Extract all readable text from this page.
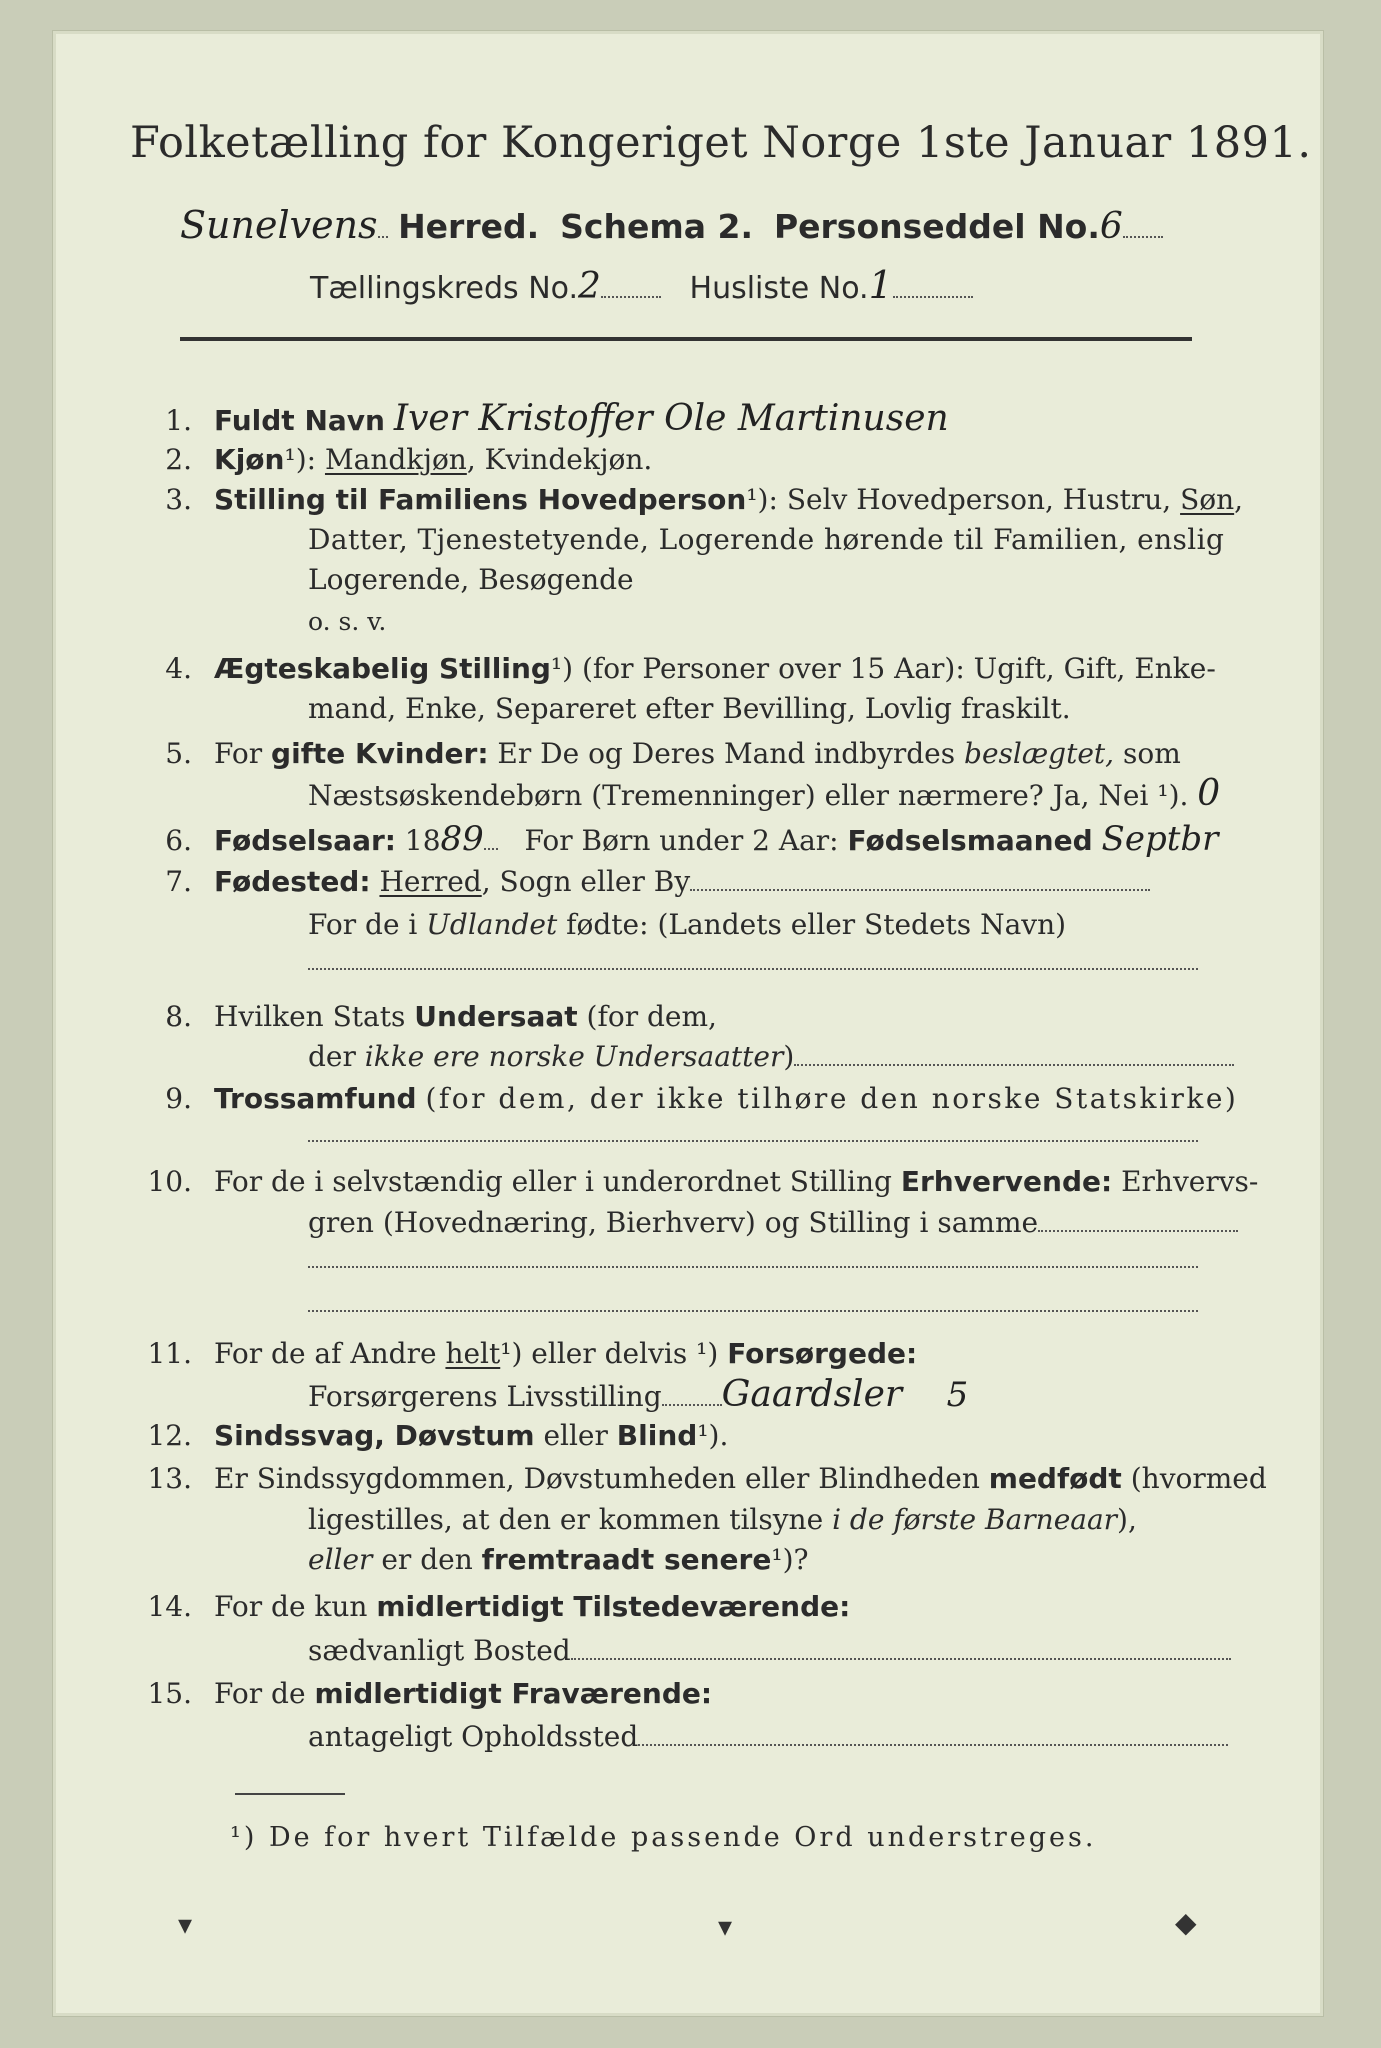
Folketælling for Kongeriget Norge 1ste Januar 1891.
Sunelvens Herred. Schema 2. Personseddel No.6
Tællingskreds No.2	Husliste No.1
1. Fuldt Navn Iver Kristoffer Ole Martinusen
2. Kjøn¹): Mandkjøn, Kvindekjøn.
3. Stilling til Familiens Hovedperson¹): Selv Hovedperson, Hustru, Søn,
Datter, Tjenestetyende, Logerende hørende til Familien, enslig
Logerende, Besøgende
o. s. v.
4. Ægteskabelig Stilling¹) (for Personer over 15 Aar): Ugift, Gift, Enke-
mand, Enke, Separeret efter Bevilling, Lovlig fraskilt.
5. For gifte Kvinder: Er De og Deres Mand indbyrdes beslægtet, som
Næstsøskendebørn (Tremenninger) eller nærmere? Ja, Nei ¹). 0
6. Fødselsaar: 1889 For Børn under 2 Aar: Fødselsmaaned Septbr
7. Fødested: Herred, Sogn eller By
For de i Udlandet fødte: (Landets eller Stedets Navn)
8. Hvilken Stats Undersaat (for dem,
der ikke ere norske Undersaatter)
9. Trossamfund (for dem, der ikke tilhøre den norske Statskirke)
10. For de i selvstændig eller i underordnet Stilling Erhvervende: Erhvervs-
gren (Hovednæring, Bierhverv) og Stilling i samme
11. For de af Andre helt¹) eller delvis ¹) Forsørgede:
Forsørgerens Livsstilling Gaardsler 5
12. Sindssvag, Døvstum eller Blind¹).
13. Er Sindssygdommen, Døvstumheden eller Blindheden medfødt (hvormed
ligestilles, at den er kommen tilsyne i de første Barneaar),
eller er den fremtraadt senere¹)?
14. For de kun midlertidigt Tilstedeværende:
sædvanligt Bosted
15. For de midlertidigt Fraværende:
antageligt Opholdssted
¹) De for hvert Tilfælde passende Ord understreges.
▾	▾	◆
